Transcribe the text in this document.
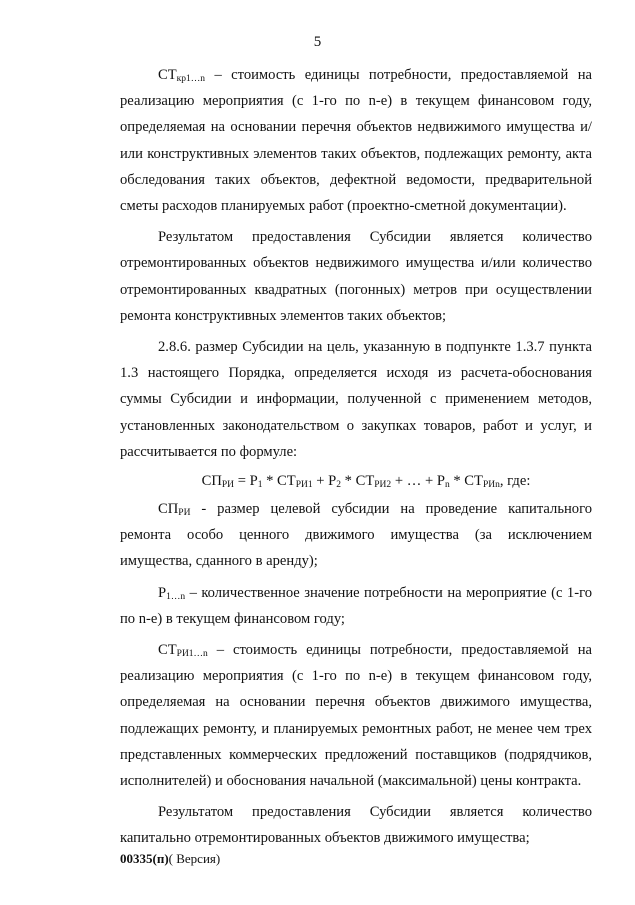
5

$СТ_{кр1\dots n}$ – стоимость единицы потребности, предоставляемой на реализацию мероприятия (с 1-го по n-е) в текущем финансовом году, определяемая на основании перечня объектов недвижимого имущества и/или конструктивных элементов таких объектов, подлежащих ремонту, акта обследования таких объектов, дефектной ведомости, предварительной сметы расходов планируемых работ (проектно-сметной документации).

Результатом предоставления Субсидии является количество отремонтированных объектов недвижимого имущества и/или количество отремонтированных квадратных (погонных) метров при осуществлении ремонта конструктивных элементов таких объектов;

2.8.6. размер Субсидии на цель, указанную в подпункте 1.3.7 пункта 1.3 настоящего Порядка, определяется исходя из расчета-обоснования суммы Субсидии и информации, полученной с применением методов, установленных законодательством о закупках товаров, работ и услуг, и рассчитывается по формуле:

$СП_{РИ} = P_1 * СТ_{РИ1} + P_2 * СТ_{РИ2}$ + … + $P_n * СТ_{РИn}$, где:

$СП_{РИ}$ - размер целевой субсидии на проведение капитального ремонта особо ценного движимого имущества (за исключением имущества, сданного в аренду);

$P_{1\dots n}$ – количественное значение потребности на мероприятие (с 1-го по n-е) в текущем финансовом году;

$СТ_{РИ1\dots n}$ – стоимость единицы потребности, предоставляемой на реализацию мероприятия (с 1-го по n-е) в текущем финансовом году, определяемая на основании перечня объектов движимого имущества, подлежащих ремонту, и планируемых ремонтных работ, не менее чем трех представленных коммерческих предложений поставщиков (подрядчиков, исполнителей) и обоснования начальной (максимальной) цены контракта.

Результатом предоставления Субсидии является количество капитально отремонтированных объектов движимого имущества;

00335(п)( Версия)
